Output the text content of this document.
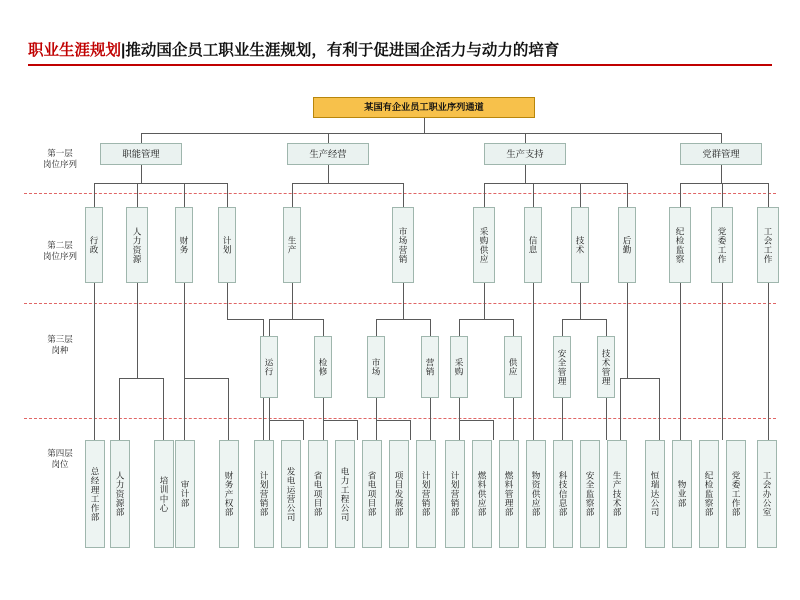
职业生涯规划|推动国企员工职业生涯规划，有利于促进国企活力与动力的培育
第一层
岗位序列
第二层
岗位序列
第三层
岗种
第四层
岗位
某国有企业员工职业序列通道
职能管理	生产经营	生产支持	党群管理
行政	人力资源	财务	计划	生产	市场营销	采购供应	信息	技术	后勤	纪检监察	党委工作	工会工作
运行	检修	市场	营销	采购	供应	安全管理	技术管理
总经理工作部	人力资源部	培训中心	审计部	财务产权部	计划营销部	发电运营公司	省电项目部	电力工程公司	省电项目部	项目发展部	计划营销部	计划营销部	燃料供应部	燃料管理部	物资供应部	科技信息部	安全监察部	生产技术部	恒瑞达公司	物业部	纪检监察部	党委工作部	工会办公室
